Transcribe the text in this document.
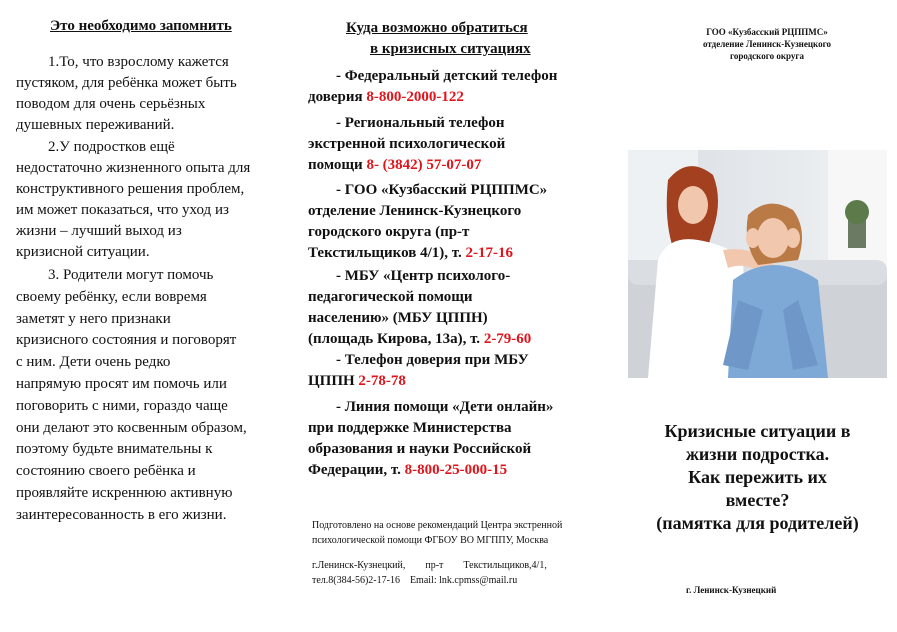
Это необходимо запомнить
1.То, что взрослому кажется
пустяком, для ребёнка может быть
поводом для очень серьёзных
душевных переживаний.
2.У подростков ещё
недостаточно жизненного опыта для
конструктивного решения проблем,
им может показаться, что уход из
жизни – лучший выход из
кризисной ситуации.
3. Родители могут помочь
своему ребёнку, если вовремя
заметят у него признаки
кризисного состояния и поговорят
с ним. Дети очень редко
напрямую просят им помочь или
поговорить с ними, гораздо чаще
они делают это косвенным образом,
поэтому будьте внимательны к
состоянию своего ребёнка и
проявляйте искреннюю активную
заинтересованность в его жизни.
Куда возможно обратиться
в кризисных ситуациях
- Федеральный детский телефон
доверия 8-800-2000-122
- Региональный телефон
экстренной психологической
помощи 8- (3842) 57-07-07
- ГОО «Кузбасский РЦППМС»
отделение Ленинск-Кузнецкого
городского округа (пр-т
Текстильщиков 4/1), т. 2-17-16
- МБУ «Центр психолого-
педагогической помощи
населению» (МБУ ЦППН)
(площадь Кирова, 13а), т. 2-79-60
- Телефон доверия при МБУ
ЦППН 2-78-78
- Линия помощи «Дети онлайн»
при поддержке Министерства
образования и науки Российской
Федерации, т. 8-800-25-000-15

Подготовлено на основе рекомендаций Центра экстренной

психологической помощи ФГБОУ ВО МГППУ, Москва

г.Ленинск-Кузнецкий,        пр-т        Текстильщиков,4/1,

тел.8(384-56)2-17-16    Email: lnk.cpmss@mail.ru

ГОО «Кузбасский РЦППМС»
отделение Ленинск-Кузнецкого
городского округа
Кризисные ситуации в
жизни подростка.
Как пережить их
вместе?
(памятка для родителей)
г. Ленинск-Кузнецкий
